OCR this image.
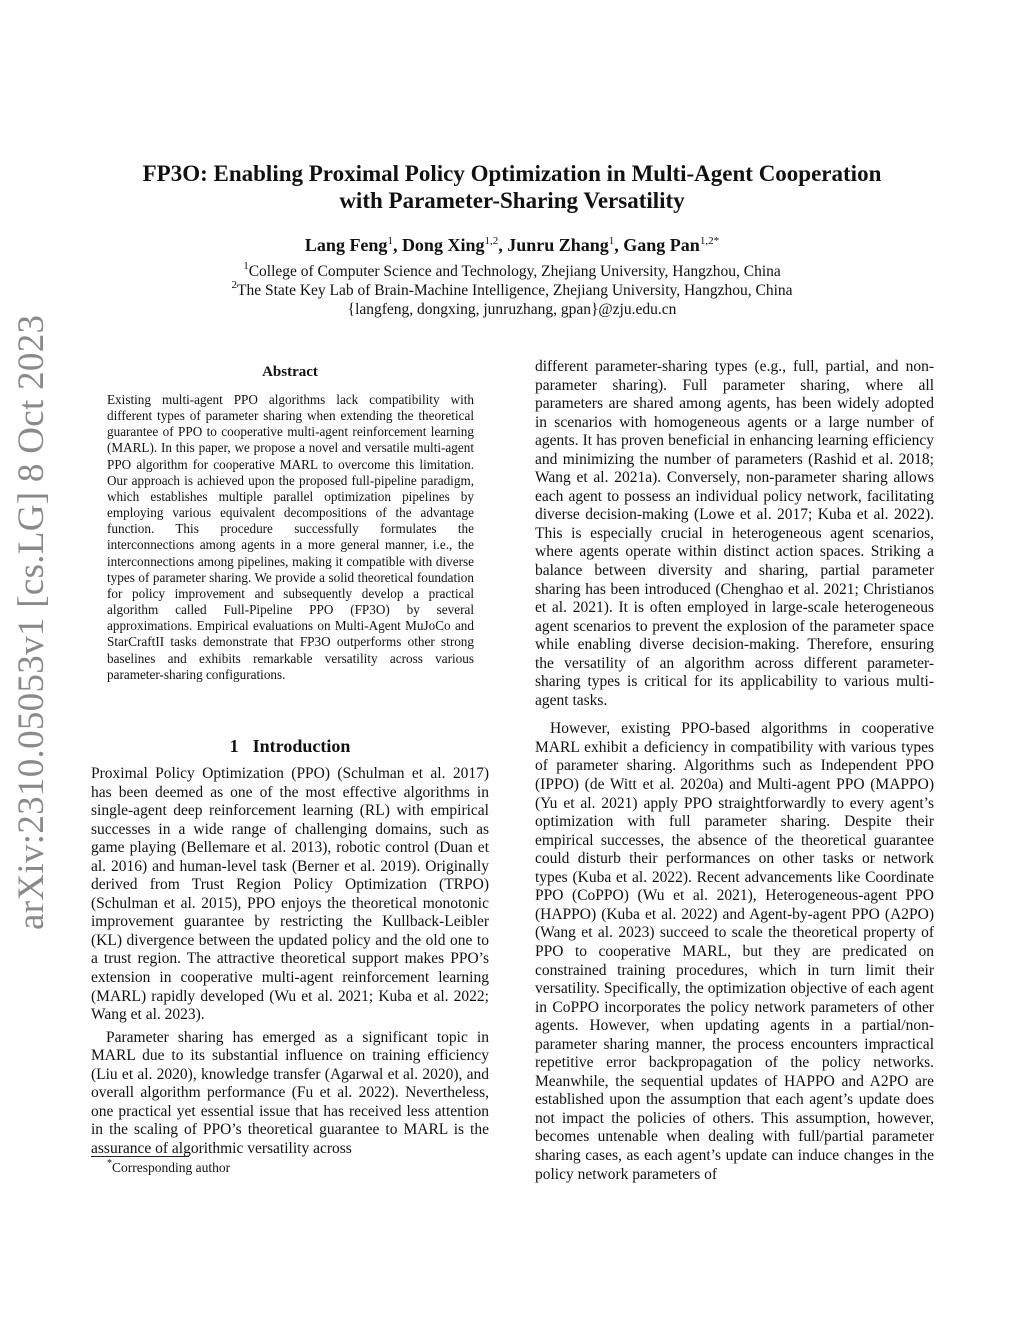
arXiv:2310.05053v1 [cs.LG] 8 Oct 2023
FP3O: Enabling Proximal Policy Optimization in Multi-Agent Cooperation
with Parameter-Sharing Versatility
Lang Feng$^1$, Dong Xing$^{1,2}$, Junru Zhang$^1$, Gang Pan$^{1,2*}$
$^1$College of Computer Science and Technology, Zhejiang University, Hangzhou, China
$^2$The State Key Lab of Brain-Machine Intelligence, Zhejiang University, Hangzhou, China
{langfeng, dongxing, junruzhang, gpan}@zju.edu.cn
Abstract
Existing multi-agent PPO algorithms lack compatibility with different types of parameter sharing when extending the theoretical guarantee of PPO to cooperative multi-agent reinforcement learning (MARL). In this paper, we propose a novel and versatile multi-agent PPO algorithm for cooperative MARL to overcome this limitation. Our approach is achieved upon the proposed full-pipeline paradigm, which establishes multiple parallel optimization pipelines by employing various equivalent decompositions of the advantage function. This procedure successfully formulates the interconnections among agents in a more general manner, i.e., the interconnections among pipelines, making it compatible with diverse types of parameter sharing. We provide a solid theoretical foundation for policy improvement and subsequently develop a practical algorithm called Full-Pipeline PPO (FP3O) by several approximations. Empirical evaluations on Multi-Agent MuJoCo and StarCraftII tasks demonstrate that FP3O outperforms other strong baselines and exhibits remarkable versatility across various parameter-sharing configurations.
1 Introduction

Proximal Policy Optimization (PPO) (Schulman et al. 2017) has been deemed as one of the most effective algorithms in single-agent deep reinforcement learning (RL) with empirical successes in a wide range of challenging domains, such as game playing (Bellemare et al. 2013), robotic control (Duan et al. 2016) and human-level task (Berner et al. 2019). Originally derived from Trust Region Policy Optimization (TRPO) (Schulman et al. 2015), PPO enjoys the theoretical monotonic improvement guarantee by restricting the Kullback-Leibler (KL) divergence between the updated policy and the old one to a trust region. The attractive theoretical support makes PPO’s extension in cooperative multi-agent reinforcement learning (MARL) rapidly developed (Wu et al. 2021; Kuba et al. 2022; Wang et al. 2023).

Parameter sharing has emerged as a significant topic in MARL due to its substantial influence on training efficiency (Liu et al. 2020), knowledge transfer (Agarwal et al. 2020), and overall algorithm performance (Fu et al. 2022). Nevertheless, one practical yet essential issue that has received less attention in the scaling of PPO’s theoretical guarantee to MARL is the assurance of algorithmic versatility across

different parameter-sharing types (e.g., full, partial, and non-parameter sharing). Full parameter sharing, where all parameters are shared among agents, has been widely adopted in scenarios with homogeneous agents or a large number of agents. It has proven beneficial in enhancing learning efficiency and minimizing the number of parameters (Rashid et al. 2018; Wang et al. 2021a). Conversely, non-parameter sharing allows each agent to possess an individual policy network, facilitating diverse decision-making (Lowe et al. 2017; Kuba et al. 2022). This is especially crucial in heterogeneous agent scenarios, where agents operate within distinct action spaces. Striking a balance between diversity and sharing, partial parameter sharing has been introduced (Chenghao et al. 2021; Christianos et al. 2021). It is often employed in large-scale heterogeneous agent scenarios to prevent the explosion of the parameter space while enabling diverse decision-making. Therefore, ensuring the versatility of an algorithm across different parameter-sharing types is critical for its applicability to various multi-agent tasks.

However, existing PPO-based algorithms in cooperative MARL exhibit a deficiency in compatibility with various types of parameter sharing. Algorithms such as Independent PPO (IPPO) (de Witt et al. 2020a) and Multi-agent PPO (MAPPO) (Yu et al. 2021) apply PPO straightforwardly to every agent’s optimization with full parameter sharing. Despite their empirical successes, the absence of the theoretical guarantee could disturb their performances on other tasks or network types (Kuba et al. 2022). Recent advancements like Coordinate PPO (CoPPO) (Wu et al. 2021), Heterogeneous-agent PPO (HAPPO) (Kuba et al. 2022) and Agent-by-agent PPO (A2PO) (Wang et al. 2023) succeed to scale the theoretical property of PPO to cooperative MARL, but they are predicated on constrained training procedures, which in turn limit their versatility. Specifically, the optimization objective of each agent in CoPPO incorporates the policy network parameters of other agents. However, when updating agents in a partial/non-parameter sharing manner, the process encounters impractical repetitive error backpropagation of the policy networks. Meanwhile, the sequential updates of HAPPO and A2PO are established upon the assumption that each agent’s update does not impact the policies of others. This assumption, however, becomes untenable when dealing with full/partial parameter sharing cases, as each agent’s update can induce changes in the policy network parameters of

*Corresponding author
